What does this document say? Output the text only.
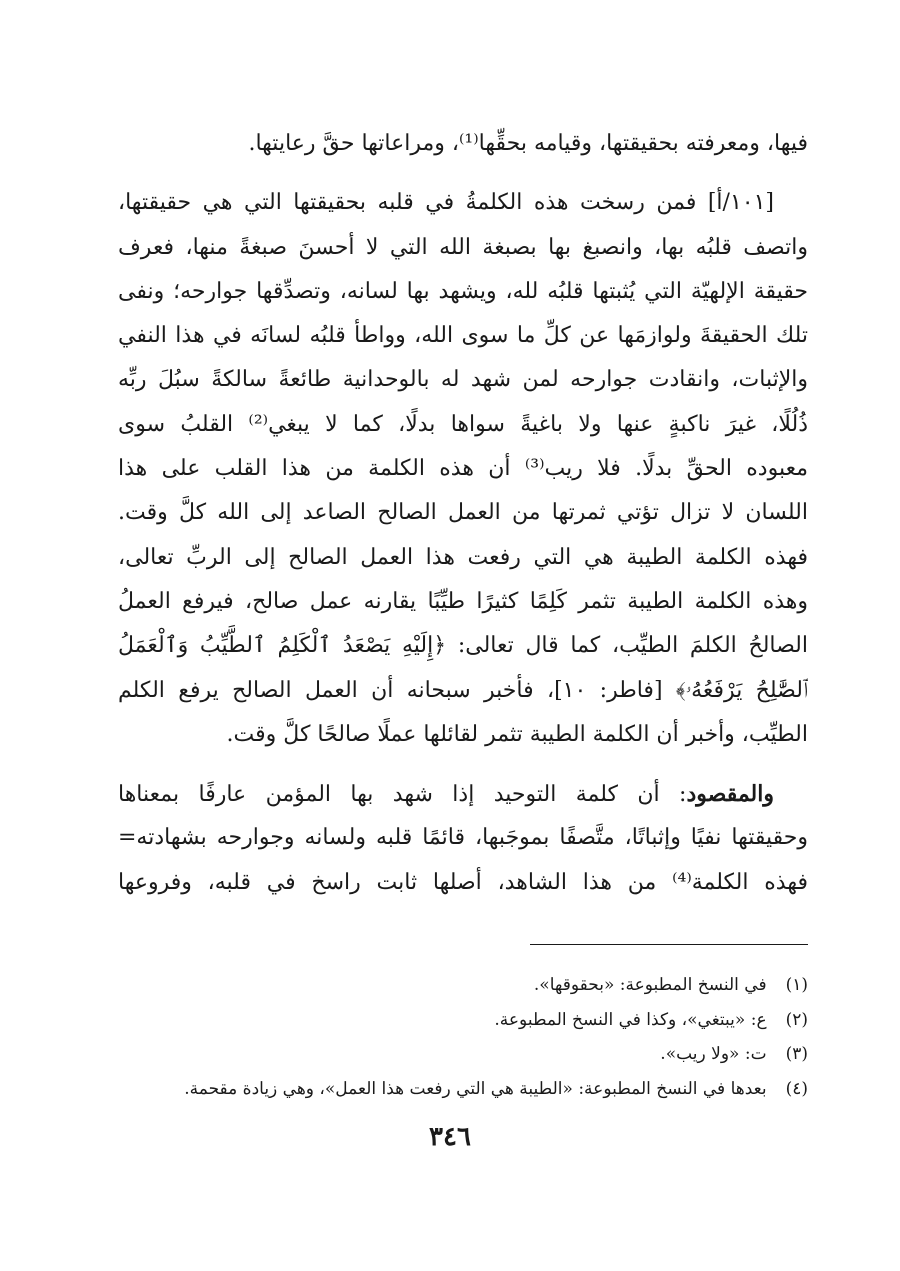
فيها، ومعرفته بحقيقتها، وقيامه بحقِّها⁽¹⁾، ومراعاتها حقَّ رعايتها.
[١٠١/أ] فمن رسخت هذه الكلمةُ في قلبه بحقيقتها التي هي حقيقتها،
واتصف قلبُه بها، وانصبغ بها بصبغة الله التي لا أحسنَ صبغةً منها، فعرف
حقيقة الإلهيّة التي يُثبتها قلبُه لله، ويشهد بها لسانه، وتصدِّقها جوارحه؛ ونفى
تلك الحقيقةَ ولوازمَها عن كلِّ ما سوى الله، وواطأ قلبُه لسانَه في هذا النفي
والإثبات، وانقادت جوارحه لمن شهد له بالوحدانية طائعةً سالكةً سبُلَ ربِّه
ذُلُلًا، غيرَ ناكبةٍ عنها ولا باغيةً سواها بدلًا، كما لا يبغي⁽²⁾ القلبُ سوى
معبوده الحقِّ بدلًا. فلا ريب⁽³⁾ أن هذه الكلمة من هذا القلب على هذا
اللسان لا تزال تؤتي ثمرتها من العمل الصالح الصاعد إلى الله كلَّ وقت.
فهذه الكلمة الطيبة هي التي رفعت هذا العمل الصالح إلى الربِّ تعالى،
وهذه الكلمة الطيبة تثمر كَلِمًا كثيرًا طيِّبًا يقارنه عمل صالح، فيرفع العملُ
الصالحُ الكلمَ الطيِّب، كما قال تعالى: ﴿إِلَيْهِ يَصْعَدُ ٱلْكَلِمُ ٱلطَّيِّبُ وَٱلْعَمَلُ
ٱلصَّٰلِحُ يَرْفَعُهُۥ﴾ [فاطر: ١٠]، فأخبر سبحانه أن العمل الصالح يرفع الكلم
الطيِّب، وأخبر أن الكلمة الطيبة تثمر لقائلها عملًا صالحًا كلَّ وقت.
والمقصود: أن كلمة التوحيد إذا شهد بها المؤمن عارفًا بمعناها
وحقيقتها نفيًا وإثباتًا، متَّصفًا بموجَبها، قائمًا قلبه ولسانه وجوارحه بشهادته=
فهذه الكلمة⁽⁴⁾ من هذا الشاهد، أصلها ثابت راسخ في قلبه، وفروعها
(١) في النسخ المطبوعة: «بحقوقها».
(٢) ع: «يبتغي»، وكذا في النسخ المطبوعة.
(٣) ت: «ولا ريب».
(٤) بعدها في النسخ المطبوعة: «الطيبة هي التي رفعت هذا العمل»، وهي زيادة مقحمة.
٣٤٦
